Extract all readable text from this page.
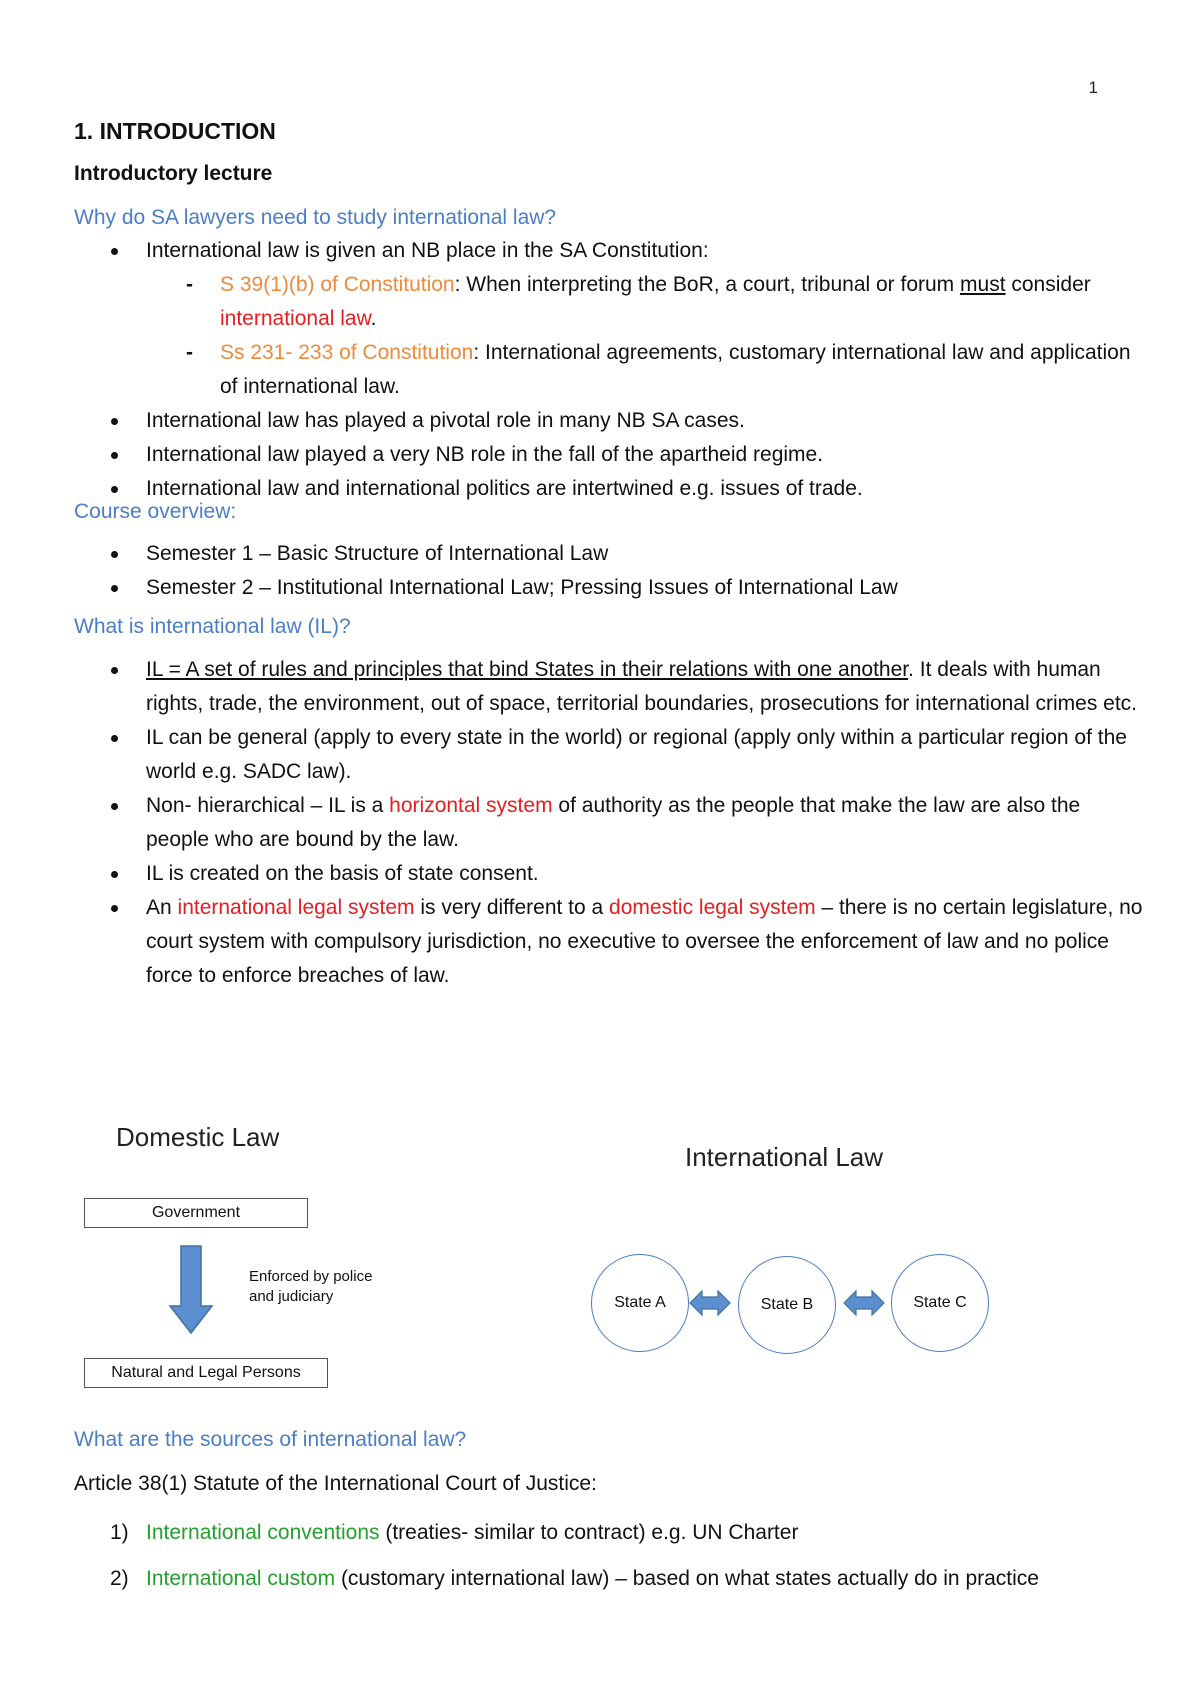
1
1. INTRODUCTION
Introductory lecture
Why do SA lawyers need to study international law?
International law is given an NB place in the SA Constitution:
- S 39(1)(b) of Constitution: When interpreting the BoR, a court, tribunal or forum must consider international law.
- Ss 231- 233 of Constitution: International agreements, customary international law and application of international law.
International law has played a pivotal role in many NB SA cases.
International law played a very NB role in the fall of the apartheid regime.
International law and international politics are intertwined e.g. issues of trade.
Course overview:
Semester 1 – Basic Structure of International Law
Semester 2 – Institutional International Law; Pressing Issues of International Law
What is international law (IL)?
IL = A set of rules and principles that bind States in their relations with one another. It deals with human rights, trade, the environment, out of space, territorial boundaries, prosecutions for international crimes etc.
IL can be general (apply to every state in the world) or regional (apply only within a particular region of the world e.g. SADC law).
Non- hierarchical – IL is a horizontal system of authority as the people that make the law are also the people who are bound by the law.
IL is created on the basis of state consent.
An international legal system is very different to a domestic legal system – there is no certain legislature, no court system with compulsory jurisdiction, no executive to oversee the enforcement of law and no police force to enforce breaches of law.
Domestic Law
Government
Enforced by police
and judiciary
Natural and Legal Persons
International Law
State A	State B	State C
What are the sources of international law?
Article 38(1) Statute of the International Court of Justice:
1) International conventions (treaties- similar to contract) e.g. UN Charter
2) International custom (customary international law) – based on what states actually do in practice
